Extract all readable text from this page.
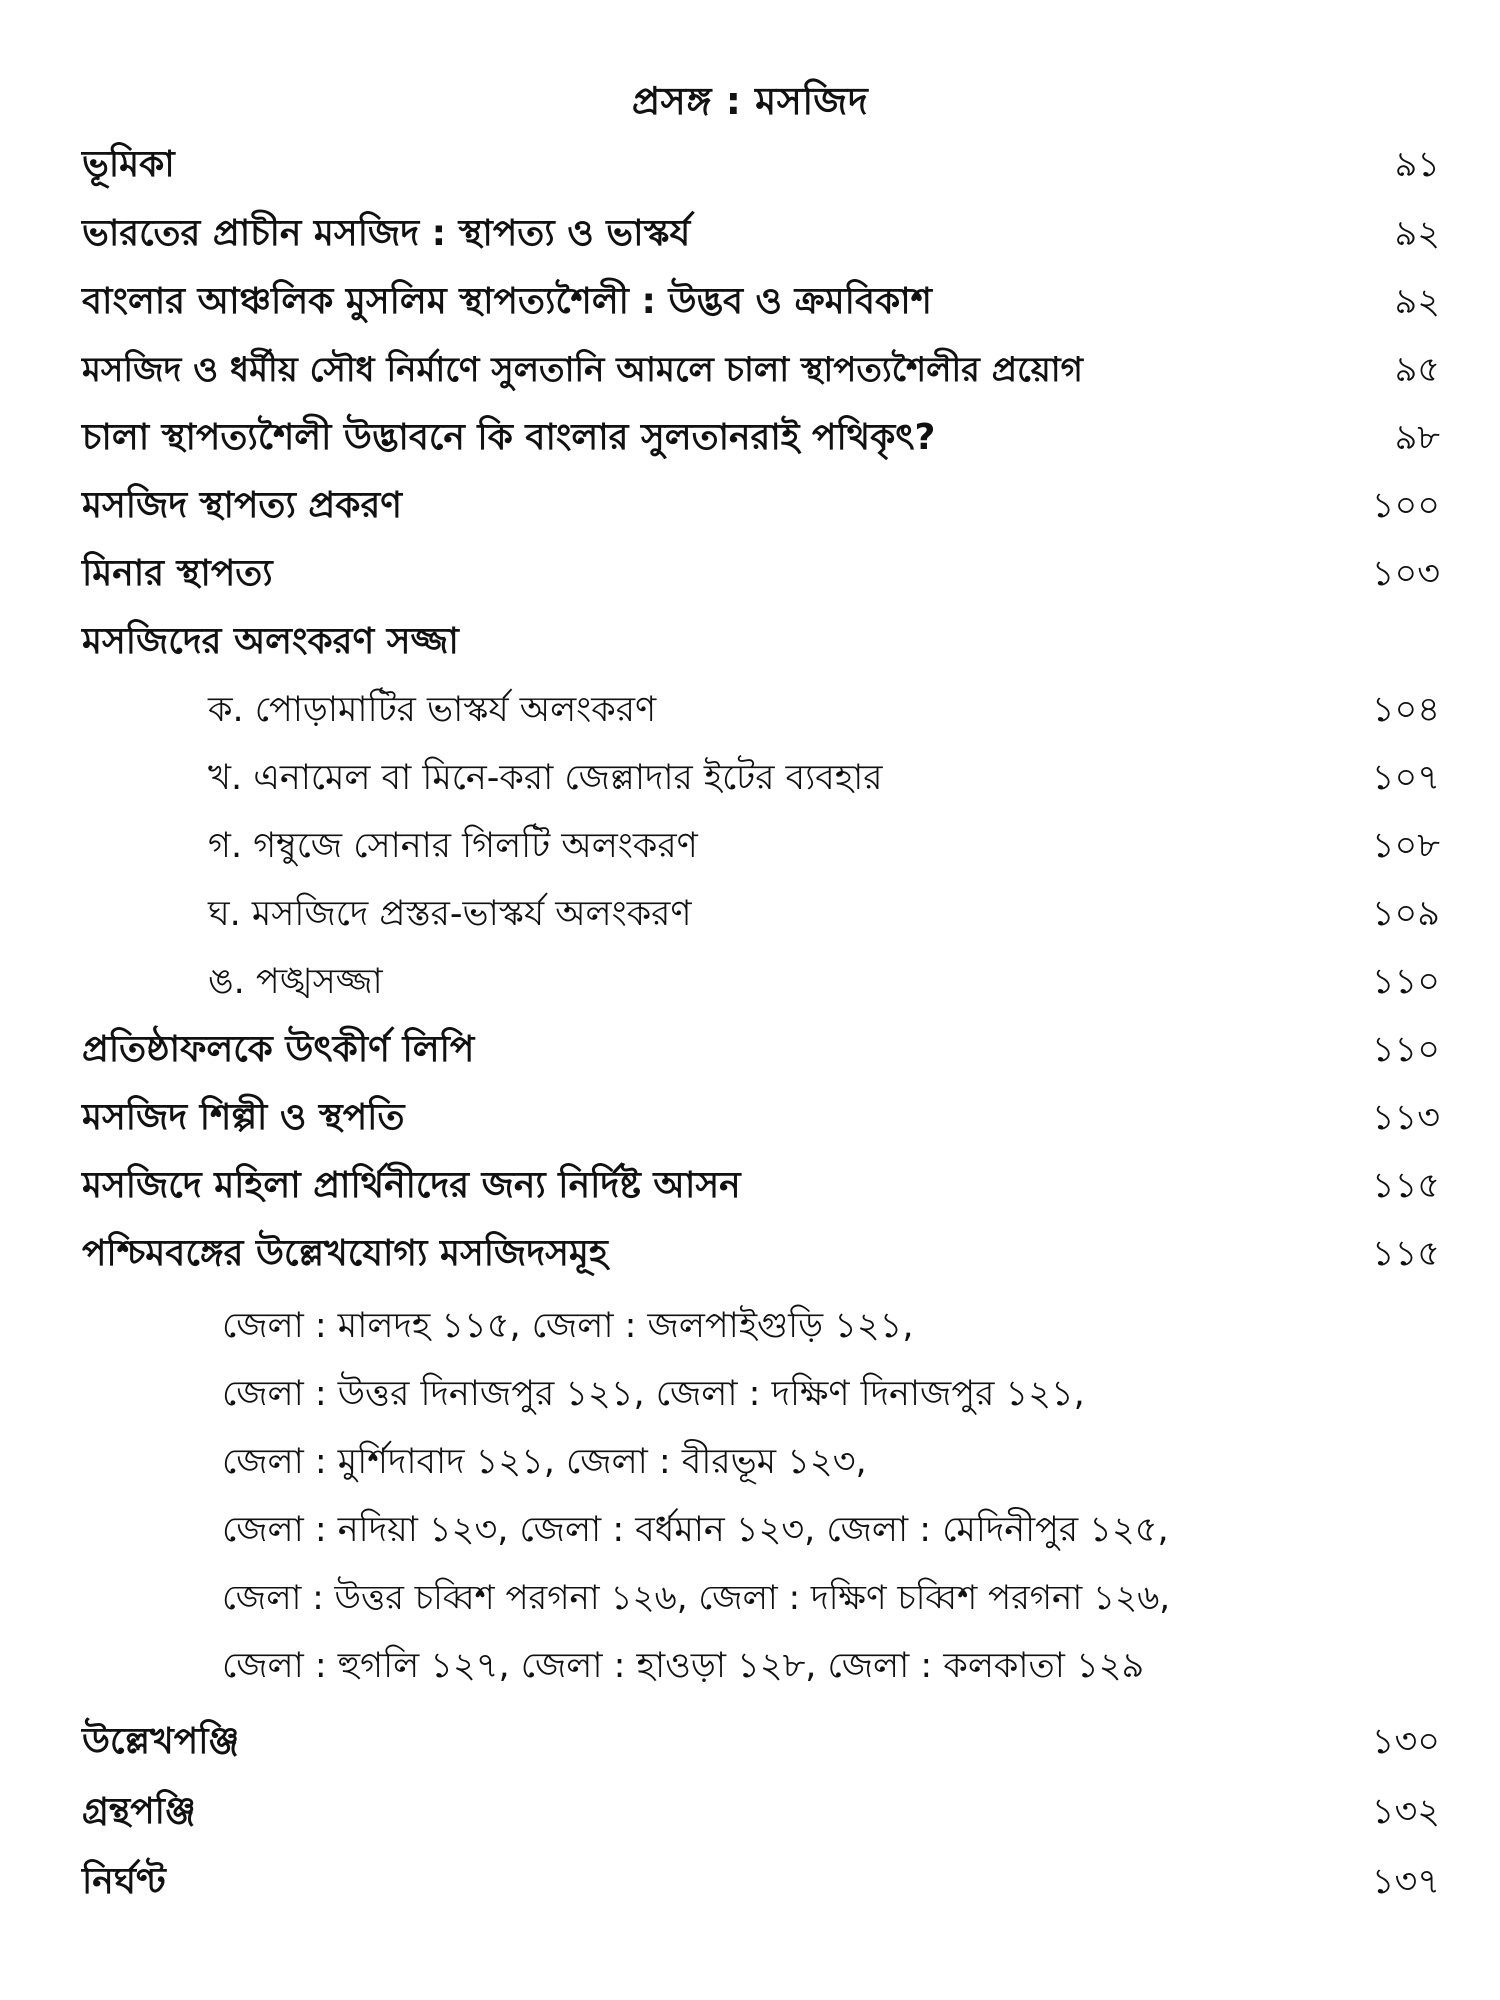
প্রসঙ্গ : মসজিদ
ভূমিকা	৯১
ভারতের প্রাচীন মসজিদ : স্থাপত্য ও ভাস্কর্য	৯২
বাংলার আঞ্চলিক মুসলিম স্থাপত্যশৈলী : উদ্ভব ও ক্রমবিকাশ	৯২
মসজিদ ও ধর্মীয় সৌধ নির্মাণে সুলতানি আমলে চালা স্থাপত্যশৈলীর প্রয়োগ	৯৫
চালা স্থাপত্যশৈলী উদ্ভাবনে কি বাংলার সুলতানরাই পথিকৃৎ?	৯৮
মসজিদ স্থাপত্য প্রকরণ	১০০
মিনার স্থাপত্য	১০৩
মসজিদের অলংকরণ সজ্জা
ক. পোড়ামাটির ভাস্কর্য অলংকরণ	১০৪
খ. এনামেল বা মিনে-করা জেল্লাদার ইটের ব্যবহার	১০৭
গ. গম্বুজে সোনার গিলটি অলংকরণ	১০৮
ঘ. মসজিদে প্রস্তর-ভাস্কর্য অলংকরণ	১০৯
ঙ. পঙ্খসজ্জা	১১০
প্রতিষ্ঠাফলকে উৎকীর্ণ লিপি	১১০
মসজিদ শিল্পী ও স্থপতি	১১৩
মসজিদে মহিলা প্রার্থিনীদের জন্য নির্দিষ্ট আসন	১১৫
পশ্চিমবঙ্গের উল্লেখযোগ্য মসজিদসমূহ	১১৫
জেলা : মালদহ ১১৫, জেলা : জলপাইগুড়ি ১২১,
জেলা : উত্তর দিনাজপুর ১২১, জেলা : দক্ষিণ দিনাজপুর ১২১,
জেলা : মুর্শিদাবাদ ১২১, জেলা : বীরভূম ১২৩,
জেলা : নদিয়া ১২৩, জেলা : বর্ধমান ১২৩, জেলা : মেদিনীপুর ১২৫,
জেলা : উত্তর চব্বিশ পরগনা ১২৬, জেলা : দক্ষিণ চব্বিশ পরগনা ১২৬,
জেলা : হুগলি ১২৭, জেলা : হাওড়া ১২৮, জেলা : কলকাতা ১২৯
উল্লেখপঞ্জি	১৩০
গ্রন্থপঞ্জি	১৩২
নির্ঘণ্ট	১৩৭
